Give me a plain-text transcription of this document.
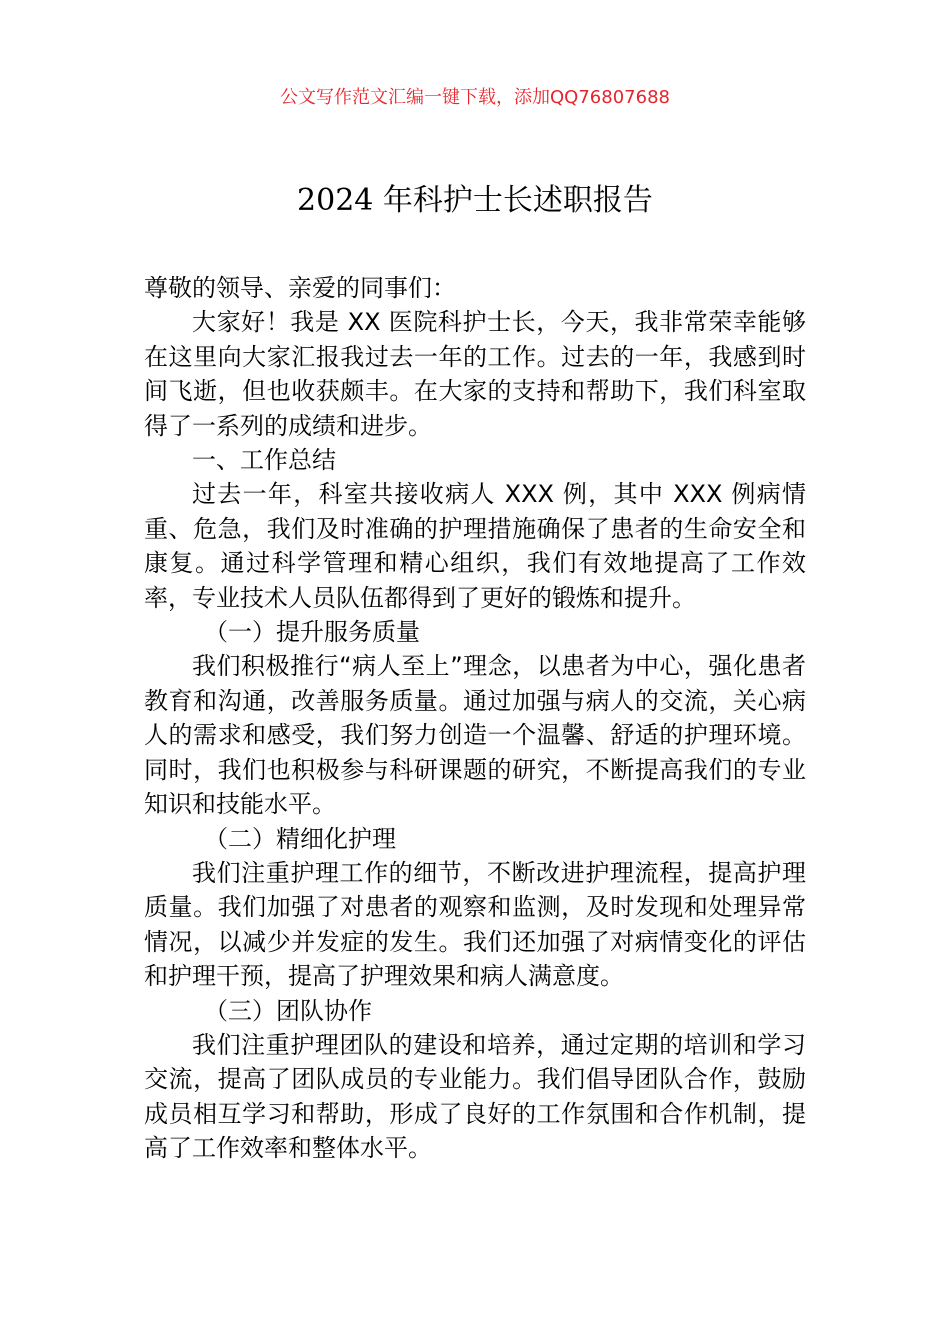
公文写作范文汇编一键下载，添加QQ76807688
2024 年科护士长述职报告

尊敬的领导、亲爱的同事们：

大家好！我是 XX 医院科护士长，今天，我非常荣幸能够在这里向大家汇报我过去一年的工作。过去的一年，我感到时间飞逝，但也收获颇丰。在大家的支持和帮助下，我们科室取得了一系列的成绩和进步。

一、工作总结

过去一年，科室共接收病人 XXX 例，其中 XXX 例病情重、危急，我们及时准确的护理措施确保了患者的生命安全和康复。通过科学管理和精心组织，我们有效地提高了工作效率，专业技术人员队伍都得到了更好的锻炼和提升。

（一）提升服务质量

我们积极推行“病人至上”理念，以患者为中心，强化患者教育和沟通，改善服务质量。通过加强与病人的交流，关心病人的需求和感受，我们努力创造一个温馨、舒适的护理环境。同时，我们也积极参与科研课题的研究，不断提高我们的专业知识和技能水平。

（二）精细化护理

我们注重护理工作的细节，不断改进护理流程，提高护理质量。我们加强了对患者的观察和监测，及时发现和处理异常情况，以减少并发症的发生。我们还加强了对病情变化的评估和护理干预，提高了护理效果和病人满意度。

（三）团队协作

我们注重护理团队的建设和培养，通过定期的培训和学习交流，提高了团队成员的专业能力。我们倡导团队合作，鼓励成员相互学习和帮助，形成了良好的工作氛围和合作机制，提高了工作效率和整体水平。
